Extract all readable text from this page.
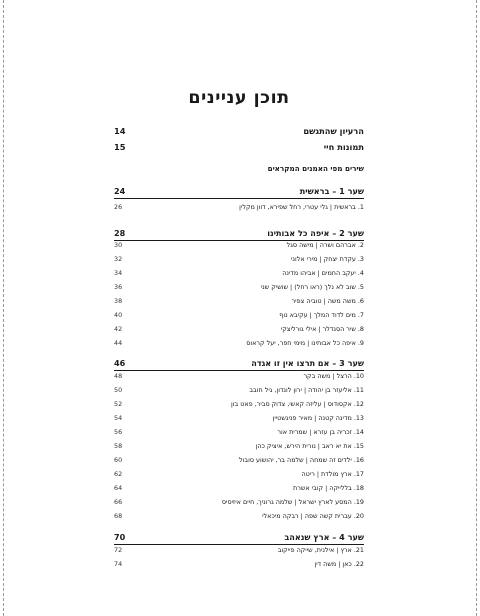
תוכן עניינים
הרעיון שהתגשם
14
תמונות חיי
15
שירים מפי האמנים המקראים
שער 1 – בראשית
24
1. בראשית | גלי עטרי, רחל שפירא, דוון מקלין
26
שער 2 – איפה כל אבותינו
28
2. אברהם ושרה | מישה סגל
30
3. עקדת יצחק | מירי אלוני
32
4. יעקב החמים | אביהו מדינה
34
5. שוב לא נלך (ראו רחל) | שושיק שני
36
6. משה משה | טוביה צפיר
38
7. מים לדוד המלך | עקיבא נוף
40
8. שיר הסנדלר | אילי גורליצקי
42
9. איפה כל אבותינו | מימי חפר, יעל קראוס
44
שער 3 – אם תרצו אין זו אגדה
46
10. הרצל | משה בקר
48
11. אליעזר בן יהודה | ירון לונדון, גיל חובב
50
12. אקסודוס | עליזה קאשי, צדוק סביר, פאט בון
52
13. מדינה קטנה | מאיר פניגשטיין
54
14. זכריה בן עזרא | שמרית אור
56
15. את יא ראב | נורית הירש, איציק כהן
58
16. ילדים זה שמחה | שלמה בר, יהושוע סובול
60
17. ארץ מולדת | ריטה
62
18. בללייקה | קובי אשרת
64
19. המסע לארץ ישראל | שלמה גרוניך, חיים איזיסיס
66
20. עברית קשה שפה | רבקה מיכאלי
68
שער 4 – ארץ שנאהב
70
21. ארץ | אילנית, שייקה פייקוב
72
22. כאן | משה דין
74
